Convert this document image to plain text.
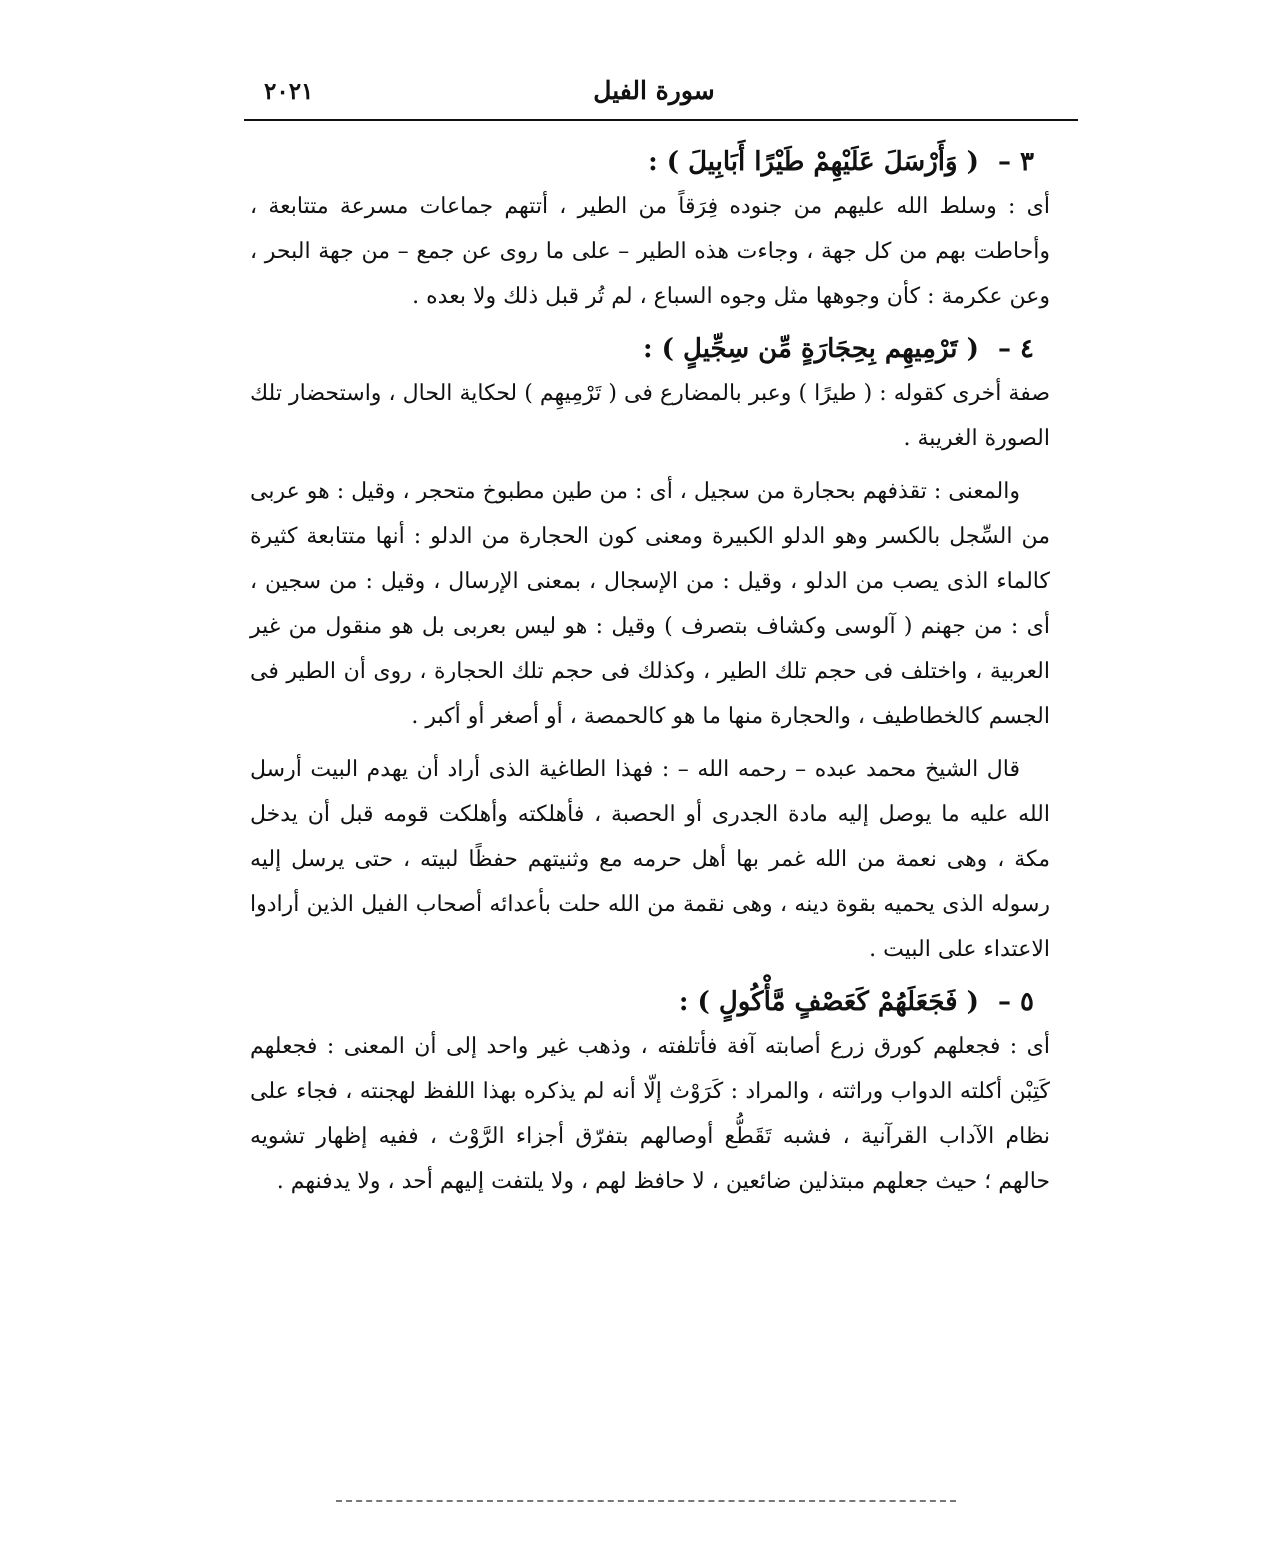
٢٠٢١	سورة الفيل

٣ – ( وَأَرْسَلَ عَلَيْهِمْ طَيْرًا أَبَابِيلَ ) :

أى : وسلط الله عليهم من جنوده فِرَقاً من الطير ، أتتهم جماعات مسرعة متتابعة ، وأحاطت بهم من كل جهة ، وجاءت هذه الطير – على ما روى عن جمع – من جهة البحر ، وعن عكرمة : كأن وجوهها مثل وجوه السباع ، لم تُر قبل ذلك ولا بعده .

٤ – ( تَرْمِيهِم بِحِجَارَةٍ مِّن سِجِّيلٍ ) :

صفة أخرى كقوله : ( طيرًا ) وعبر بالمضارع فى ( تَرْمِيهِم ) لحكاية الحال ، واستحضار تلك الصورة الغريبة .

والمعنى : تقذفهم بحجارة من سجيل ، أى : من طين مطبوخ متحجر ، وقيل : هو عربى من السِّجل بالكسر وهو الدلو الكبيرة ومعنى كون الحجارة من الدلو : أنها متتابعة كثيرة كالماء الذى يصب من الدلو ، وقيل : من الإسجال ، بمعنى الإرسال ، وقيل : من سجين ، أى : من جهنم ( آلوسى وكشاف بتصرف ) وقيل : هو ليس بعربى بل هو منقول من غير العربية ، واختلف فى حجم تلك الطير ، وكذلك فى حجم تلك الحجارة ، روى أن الطير فى الجسم كالخطاطيف ، والحجارة منها ما هو كالحمصة ، أو أصغر أو أكبر .

قال الشيخ محمد عبده – رحمه الله – : فهذا الطاغية الذى أراد أن يهدم البيت أرسل الله عليه ما يوصل إليه مادة الجدرى أو الحصبة ، فأهلكته وأهلكت قومه قبل أن يدخل مكة ، وهى نعمة من الله غمر بها أهل حرمه مع وثنيتهم حفظًا لبيته ، حتى يرسل إليه رسوله الذى يحميه بقوة دينه ، وهى نقمة من الله حلت بأعدائه أصحاب الفيل الذين أرادوا الاعتداء على البيت .

٥ – ( فَجَعَلَهُمْ كَعَصْفٍ مَّأْكُولٍ ) :

أى : فجعلهم كورق زرع أصابته آفة فأتلفته ، وذهب غير واحد إلى أن المعنى : فجعلهم كَتِبْن أكلته الدواب وراثته ، والمراد : كَرَوْث إلّا أنه لم يذكره بهذا اللفظ لهجنته ، فجاء على نظام الآداب القرآنية ، فشبه تَقَطُّع أوصالهم بتفرّق أجزاء الرَّوْث ، ففيه إظهار تشويه حالهم ؛ حيث جعلهم مبتذلين ضائعين ، لا حافظ لهم ، ولا يلتفت إليهم أحد ، ولا يدفنهم .
